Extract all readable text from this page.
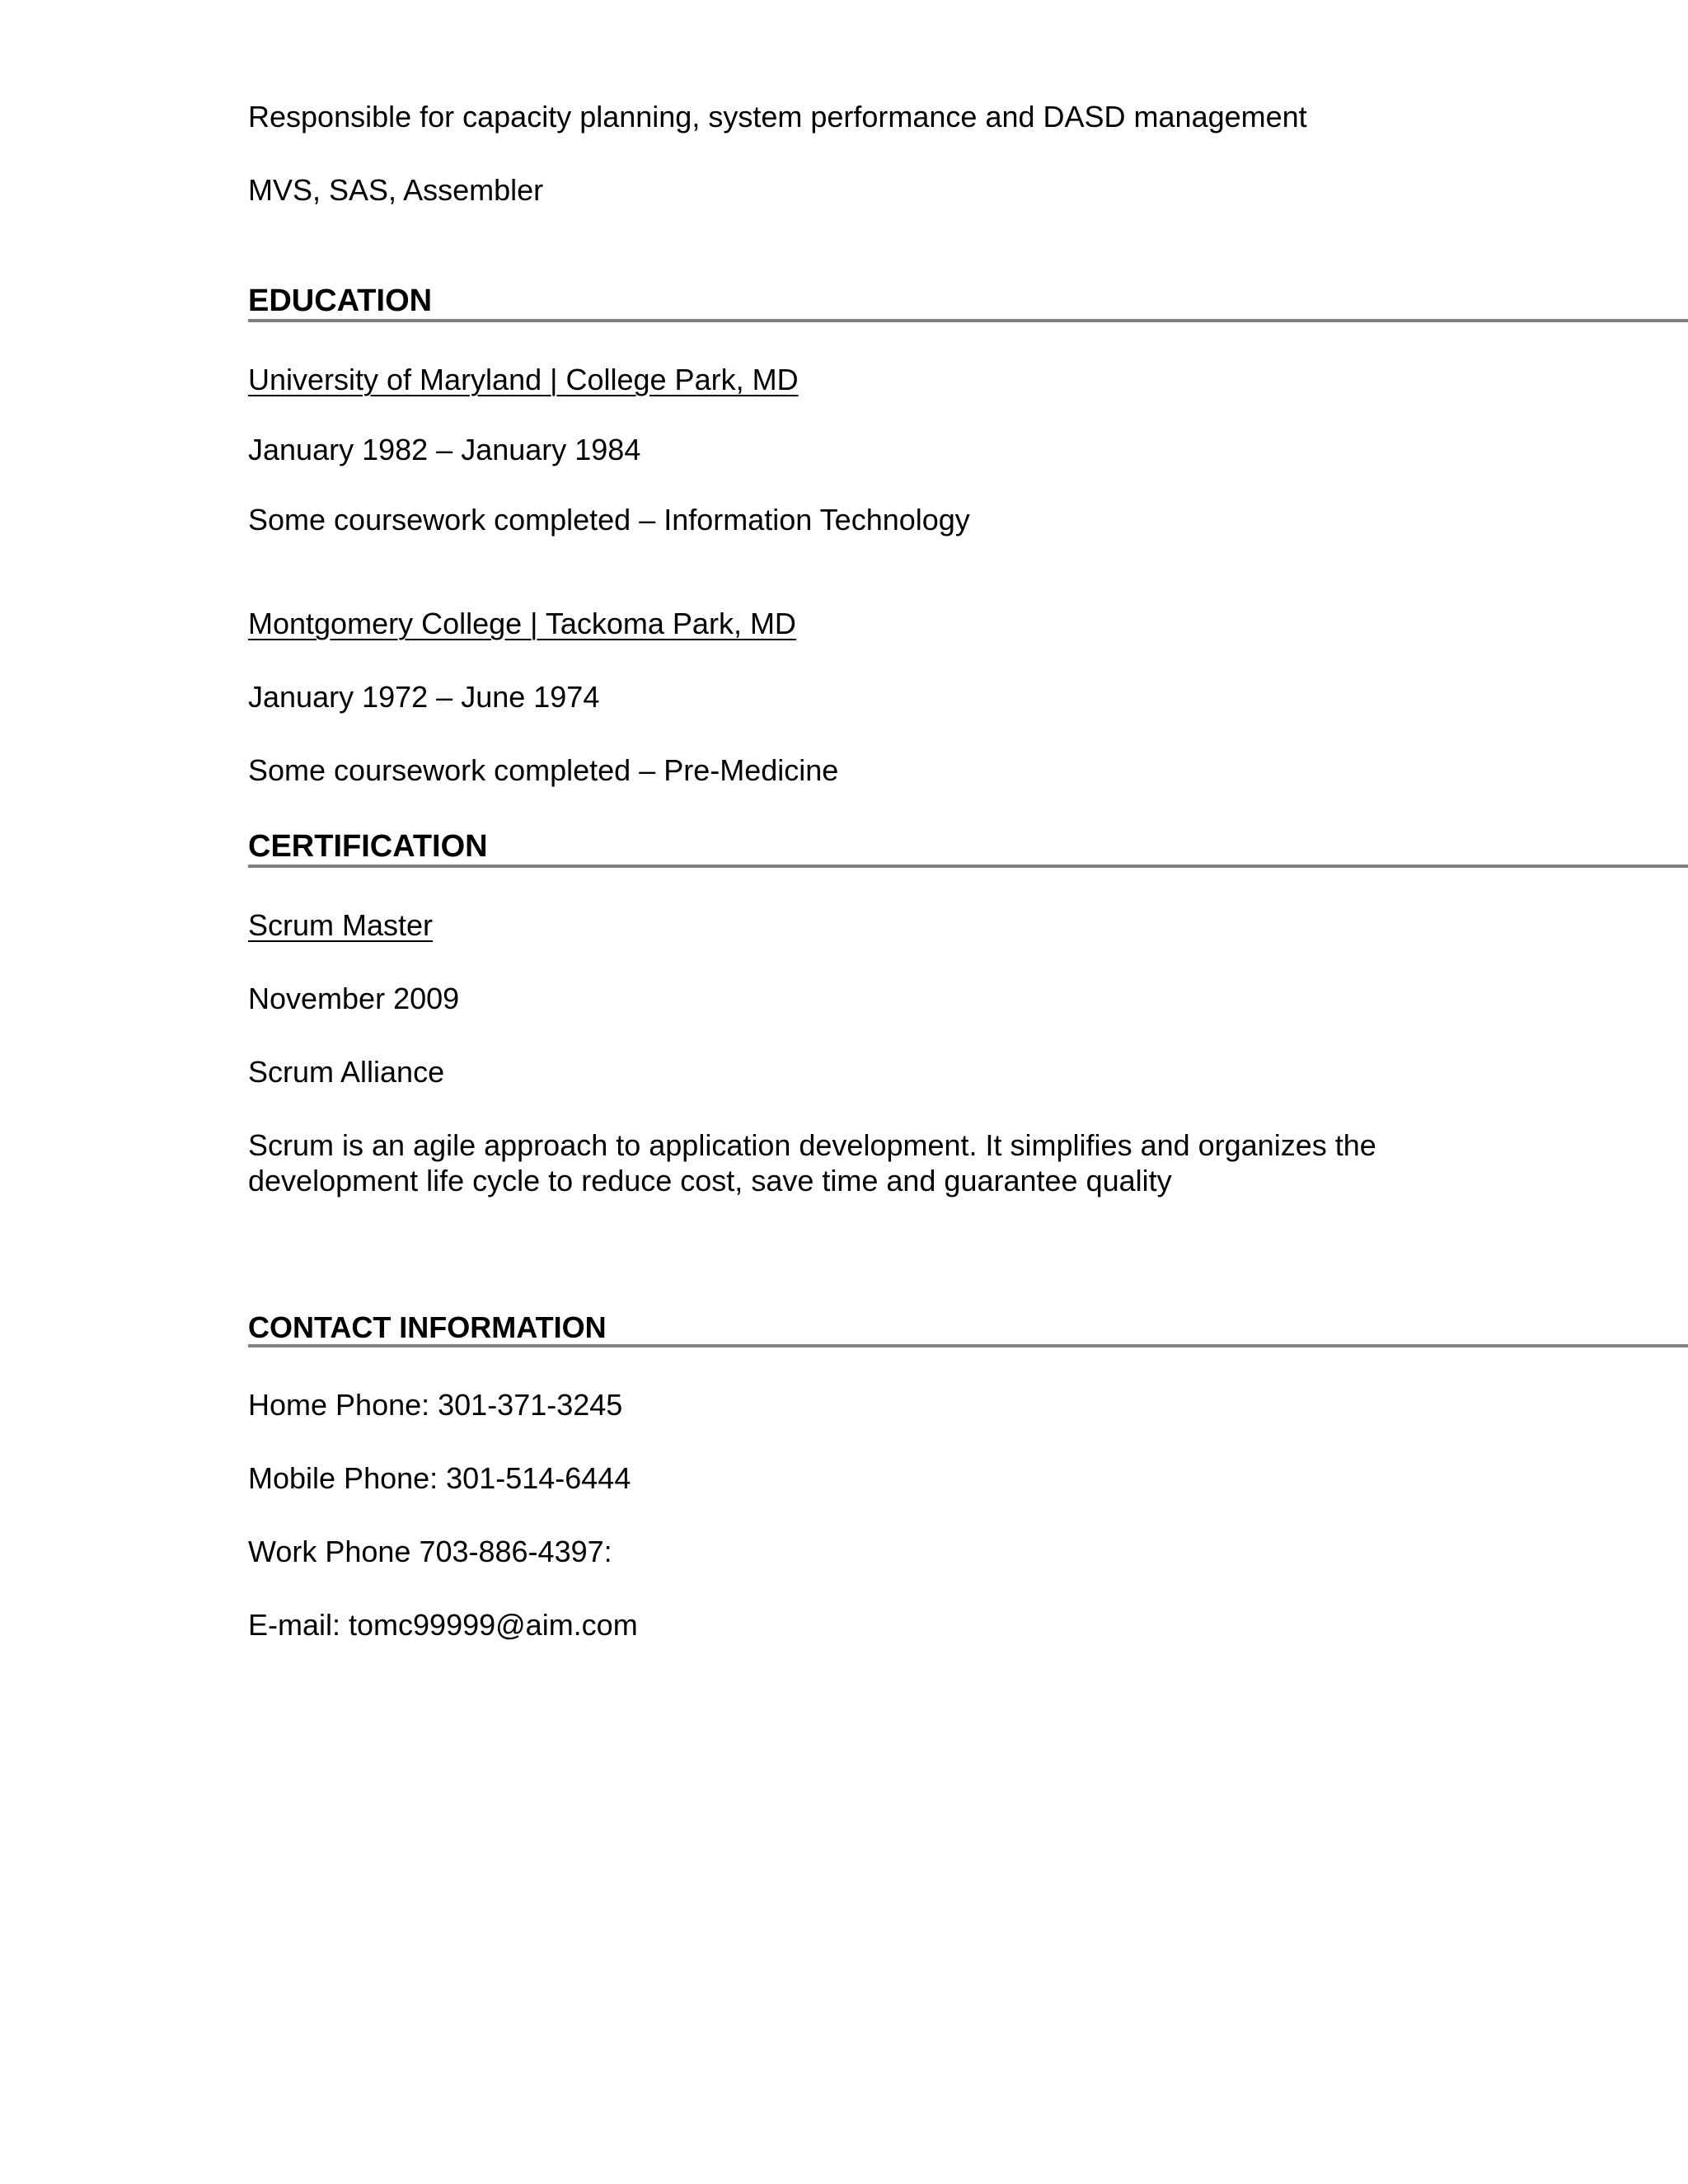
Responsible for capacity planning, system performance and DASD management

MVS, SAS, Assembler

EDUCATION

University of Maryland | College Park, MD

January 1982 – January 1984

Some coursework completed – Information Technology

Montgomery College | Tackoma Park, MD

January 1972 – June 1974

Some coursework completed – Pre-Medicine

CERTIFICATION

Scrum Master

November 2009

Scrum Alliance

Scrum is an agile approach to application development. It simplifies and organizes the development life cycle to reduce cost, save time and guarantee quality

CONTACT INFORMATION

Home Phone: 301-371-3245

Mobile Phone: 301-514-6444

Work Phone 703-886-4397:

E-mail: tomc99999@aim.com
